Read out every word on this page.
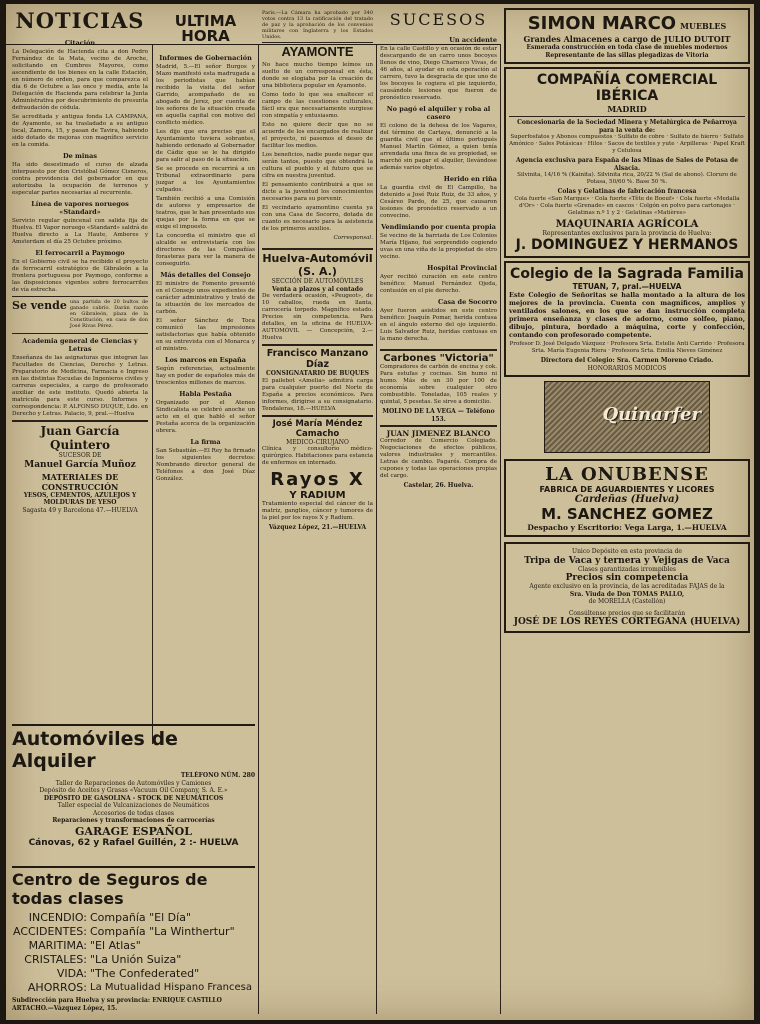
NOTICIAS
Citación

La Delegación de Hacienda cita a don Pedro Fernández de la Mata, vecino de Aroche, solicitando en Cumbres Mayores, como ascendiente de los bienes en la calle Estación, en número de orden, para que comparezca el día 6 de Octubre a las once y media, ante la Delegación de Hacienda para celebrar la Junta Administrativa por descubrimiento de presunta defraudación de cédula.

Se acreditada y antigua fonda LA CAMPANA, de Ayamonte, se ha trasladado a su antiguo local, Zamora, 15, y pasan de Tavira, habiendo sido dotado de mejoras con magnífico servicio en la comida.

De minas

Ha sido desestimado el curso de alzada interpuesto por don Cristóbal Gómez Cisneros, contra providencia del gobernador en que autorizaba la ocupación de terrenos y especular partes necesarias al recurrente.

Línea de vapores noruegos «Standard»

Servicio regular quincenal con salida fija de Huelva. El Vapor noruego «Standard» saldrá de Huelva directo a La Haute, Amberes y Amsterdam el día 25 Octubre próximo.

El ferrocarril a Paymogo

En el Gobierno civil se ha recibido el proyecto de ferrocarril estratégico de Gibraleón a la frontera portuguesa por Paymogo, conforme a las disposiciones vigentes sobre ferrocarriles de vía estrecha.

Se vende una partida de 20 bultos de ganado cabrío. Darán razón en Gibraleón, plaza de la Constitución, en casa de don José Rivas Pérez.
Academia general de Ciencias y Letras

Enseñanza de las asignaturas que integran las Facultades de Ciencias, Derecho y Letras. Preparatorio de Medicina, Farmacia e Ingreso en las distintas Escuelas de Ingenieros civiles y carreras especiales, a cargo de profesorado auxiliar de este instituto. Quedó abierta la matrícula para este curso. Informes y correspondencia: P. ALFONSO DUQUE, Ldo. en Derecho y Letras. Palacio, 9, pral.—Huelva

Juan García Quintero
SUCESOR DE
Manuel García Muñoz
MATERIALES DE CONSTRUCCIÓN
YESOS, CEMENTOS, AZULEJOS Y MOLDURAS DE YESO
Sagasta 49 y Barcelona 47.—HUELVA
ULTIMA HORA
Informes de Gobernación

Madrid, 5.—El señor Burgos y Mazo manifestó esta madrugada a los periodistas que habían recibido la visita del señor Garrido, acompañado de su abogado de Jerez, por cuenta de los señores de la situación creada en aquella capital con motivo del conflicto médico.

Les dijo que era preciso que el Ayuntamiento tuviera sobrantes, habiendo ordenado al Gobernador de Cádiz que se le ha dirigido para salir al paso de la situación.

Se se procede en recurrirá a un Tribunal extraordinario para juzgar a los Ayuntamientos culpados.

También recibió a una Comisión de autores y empresarios de teatros, que le han presentado sus quejas por la forma en que se exige el impuesto.

La concordia el ministro que el alcalde se entrevistaría con los directores de las Compañías forasteras para ver la manera de conseguirlo.

Más detalles del Consejo

El ministro de Fomento presentó en el Consejo unos expedientes de carácter administrativo y trató de la situación de los mercados de carbón.

El señor Sánchez de Toca comunicó las impresiones satisfactorias que había obtenido en su entrevista con el Monarca y el ministro.

Los marcos en España

Según referencias, actualmente hay en poder de españoles más de trescientos millones de marcos.

Habla Pestaña

Organizado por el Ateneo Sindicalista se celebró anoche un acto en el que habló el señor Pestaña acerca de la organización obrera.

La firma

San Sebastián.—El Rey ha firmado los siguientes decretos: Nombrando director general de Teléfonos a don José Díaz González.

Paris.—La Cámara ha aprobado por 340 votos contra 13 la ratificación del tratado de paz y la aprobación de los convenios militares con Inglaterra y los Estados Unidos.

AYAMONTE

No hace mucho tiempo leímos un suelto de un corresponsal en ésta, donde se elogiaba por la creación de una biblioteca popular en Ayamonte.

Como todo lo que sea enaltecer el campo de las cuestiones culturales, fácil era que necesariamente surgiese con simpatía y entusiasmo.

Esto no quiere decir que no se acuerde de los encargados de realizar el proyecto, ni pasemos el deseo de facilitar los medios.

Los beneficios, nadie puede negar que serán tantos, puesto que obtendrá la cultura el pueblo y el futuro que se cifra en nuestra juventud.

El pensamiento contribuirá a que se dicte a la juventud los conocimientos necesarios para su porvenir.

El vecindario ayamontino cuenta ya con una Casa de Socorro, dotada de cuanto es necesario para la asistencia de los primeros auxilios.

Corresponsal.
Huelva-Automóvil (S. A.)
SECCIÓN DE AUTOMÓVILES
Venta a plazos y al contado

De verdadera ocasión, «Peugeot», de 10 caballos, rueda en llanta, carrocería torpedo. Magnífico estado. Precios sin competencia. Para detalles, en la oficina de HUELVA-AUTOMÓVIL — Concepción, 2.—Huelva

Francisco Manzano Díaz
CONSIGNATARIO DE BUQUES

El pailebot «Amelia» admitirá carga para cualquier puerto del Norte de España a precios económicos. Para informes, dirigirse a su consignatario. Tendaleras, 18.—HUELVA

José María Méndez Camacho
MEDICO-CIRUJANO

Clínica y consultorio médico-quirúrgico. Habitaciones para estancia de enfermos en internado.

Rayos X
Y RADIUM

Tratamiento especial del cáncer de la matriz, ganglios, cáncer y tumores de la piel por los rayos X y Radium.

Vázquez López, 21.—HUELVA
SUCESOS
Un accidente

En la calle Castillo y en ocasión de estar descargando de un carro unos bocoyes llenos de vino, Diego Charneco Vivas, de 46 años, al ayudar en esta operación al carrero, tuvo la desgracia de que uno de los bocoyes le cogiera el pie izquierdo, causándole lesiones que fueron de pronóstico reservado.

No pagó el alquiler y roba al casero

El colono de la dehesa de los Vagares, del término de Cartaya, denunció a la guardia civil que el último portugués Manuel Martín Gómez, a quien tenía arrendada una finca de su propiedad, se marchó sin pagar el alquiler, llevándose además varios objetos.

Herido en riña

La guardia civil de El Campillo, ha detenido a José Ruiz Ruiz, de 33 años, y Cesáreo Pardo, de 25, que causaron lesiones de pronóstico reservado a un convecino.

Vendimiando por cuenta propia

Se vecino de la barriada de Los Colonios María Hijano, fué sorprendido cogiendo uvas en una viña de la propiedad de otro vecino.

Hospital Provincial

Ayer recibió curación en este centro benéfico: Manuel Fernández Ojeda, contusión en el pie derecho.

Casa de Socorro

Ayer fueron asistidos en este centro benéfico: Joaquín Pomar, herida contusa en el ángulo externo del ojo izquierdo. Luis Salvador Ruiz, heridas contusas en la mano derecha.

Carbones "Victoria"

Compradores de carbón de encina y cok. Para estufas y cocinas. Sin humo ni humo. Más de un 30 por 100 de economía sobre cualquier otro combustible. Toneladas, 105 reales y quintal, 5 pesetas. Se sirve a domicilio.

MOLINO DE LA VEGA — Teléfono 153.
JUAN JIMENEZ BLANCO

Corredor de Comercio Colegiado. Negociaciones de efectos públicos, valores industriales y mercantiles. Letras de cambio. Pagarés. Compra de cupones y todas las operaciones propias del cargo.

Castelar, 26. Huelva.
SIMON MARCO MUEBLES
Grandes Almacenes a cargo de JULIO DUTOIT
Esmerada construcción en toda clase de muebles modernos
Representante de las sillas plegadizas de Vitoria
COMPAÑÍA COMERCIAL IBÉRICA
MADRID
Concesionaria de la Sociedad Minera y Metalúrgica de Peñarroya para la venta de:
Superfosfatos y Abonos compuestos · Sulfato de cobre · Sulfato de hierro · Sulfato Amónico · Sales Potásicas · Hilos · Sacos de textiles y yute · Arpilleras · Papel Kraft y Celulosa
Agencia exclusiva para España de las Minas de Sales de Potasa de Alsacia.
Silvinita, 14/16 % (Kainita). Silvinita rica, 20/22 % (Sal de abono). Cloruro de Potasa, 50/60 %. Base 50 %.
Colas y Gelatinas de fabricación francesa
Cola fuerte «San Marque» · Cola fuerte «Tête de Boeuf» · Cola fuerte «Medalla d'Or» · Cola fuerte «Grenade» en cascos · Colgón en polvo para cartonajes · Gelatinas n.º 1 y 2 · Gelatinas «Matières»
MAQUINARIA AGRÍCOLA
Representantes exclusivos para la provincia de Huelva:
J. DOMINGUEZ Y HERMANOS
Colegio de la Sagrada Familia
TETUAN, 7, pral.—HUELVA

Este Colegio de Señoritas se halla montado a la altura de los mejores de la provincia. Cuenta con magníficos, amplios y ventilados salones, en los que se dan instrucción completa primera enseñanza y clases de adorno, como solfeo, piano, dibujo, pintura, bordado a máquina, corte y confección, contando con profesorado competente.

Profesor D. José Delgado Vázquez · Profesora Srta. Estelle Anti Carrido · Profesora Srta. María Eugenia Riera · Profesora Srta. Emilia Nieves Giménez

Directora del Colegio: Sra. Carmen Moreno Criado.
HONORARIOS MODICOS
Quinarfer
LA ONUBENSE
FABRICA DE AGUARDIENTES Y LICORES
Cardeñas (Huelva)
M. SANCHEZ GOMEZ
Despacho y Escritorio: Vega Larga, 1.—HUELVA
Unico Depósito en esta provincia de
Tripa de Vaca y ternera y Vejigas de Vaca
Clases garantizadas irrompibles
Precios sin competencia
Agente exclusivo en la provincia, de las acreditadas FAJAS de la
Sra. Viuda de Don TOMAS PALLO,
de MORELLA (Castellón)
Consúltense precios que se facilitarán
JOSÉ DE LOS REYES CORTEGANA (HUELVA)
Automóviles de Alquiler
TELÉFONO NÚM. 280
Taller de Reparaciones de Automóviles y Camiones
Depósito de Aceites y Grasas «Vacuum Oil Company, S. A. E.»
DEPÓSITO DE GASOLINA - STOCK DE NEUMÁTICOS
Taller especial de Vulcanizaciones de Neumáticos
Accesorios de todas clases
Reparaciones y transformaciones de carrocerías
GARAGE ESPAÑOL
Cánovas, 62 y Rafael Guillén, 2 :- HUELVA
Centro de Seguros de todas clases
INCENDIO: Compañía "El Día"
ACCIDENTES: Compañía "La Winthertur"
MARITIMA: "El Atlas"
CRISTALES: "La Unión Suiza"
VIDA: "The Confederated"
AHORROS: La Mutualidad Hispano Francesa
Subdirección para Huelva y su provincia: ENRIQUE CASTILLO ARTACHO.—Vázquez López, 15.
